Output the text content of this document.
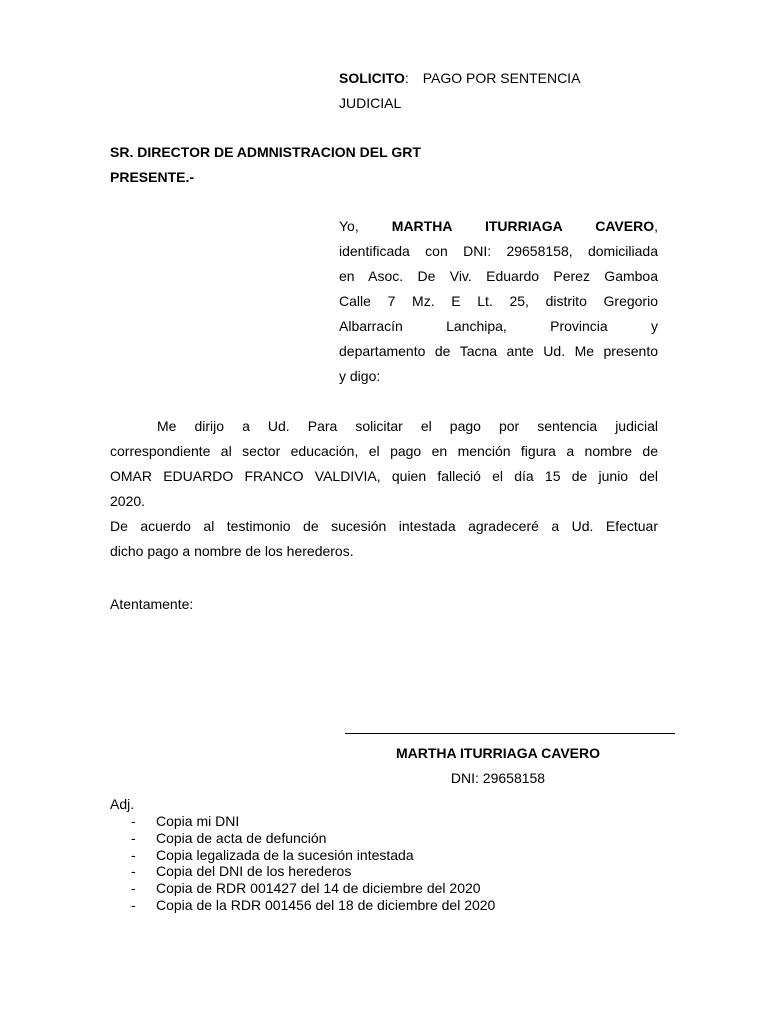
SOLICITO: PAGO POR SENTENCIA
JUDICIAL
SR. DIRECTOR DE ADMNISTRACION DEL GRT
PRESENTE.-

Yo, MARTHA ITURRIAGA CAVERO,

identificada con DNI: 29658158, domiciliada

en Asoc. De Viv. Eduardo Perez Gamboa

Calle 7 Mz. E Lt. 25, distrito Gregorio

Albarracín Lanchipa, Provincia y

departamento de Tacna ante Ud. Me presento

y digo:

Me dirijo a Ud. Para solicitar el pago por sentencia judicial

correspondiente al sector educación, el pago en mención figura a nombre de

OMAR EDUARDO FRANCO VALDIVIA, quien falleció el día 15 de junio del

2020.

De acuerdo al testimonio de sucesión intestada agradeceré a Ud. Efectuar

dicho pago a nombre de los herederos.

Atentamente:
MARTHA ITURRIAGA CAVERO
DNI: 29658158
Adj.
- Copia mi DNI
- Copia de acta de defunción
- Copia legalizada de la sucesión intestada
- Copia del DNI de los herederos
- Copia de RDR 001427 del 14 de diciembre del 2020
- Copia de la RDR 001456 del 18 de diciembre del 2020
